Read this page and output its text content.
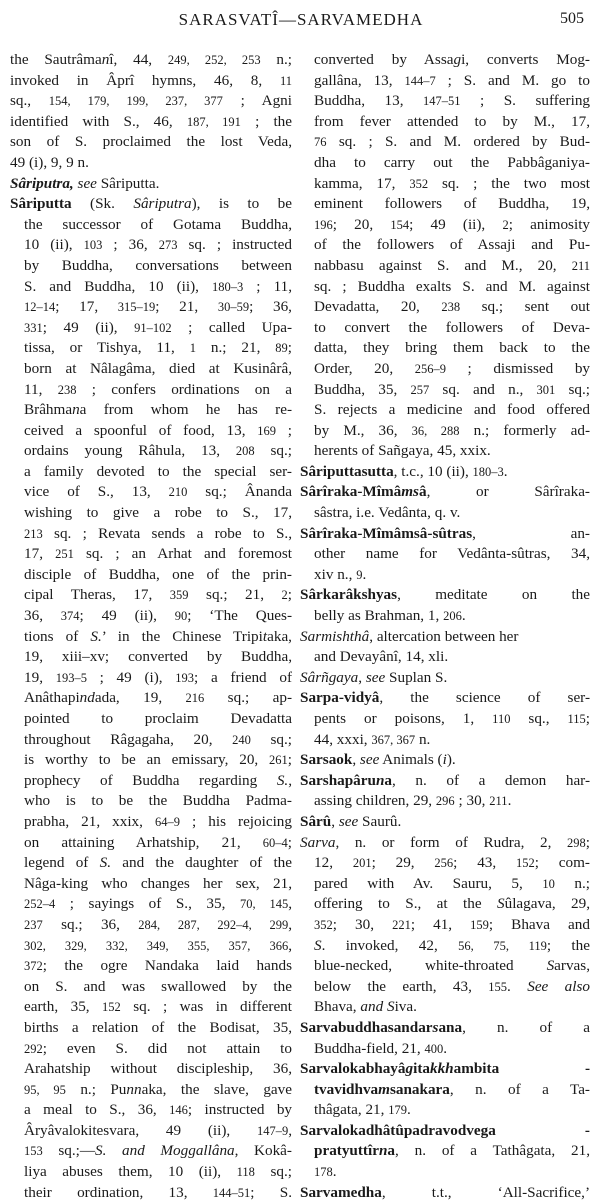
SARASVATÎ—SARVAMEDHA	505
the Sautrâmanî, 44, 249, 252, 253 n.;
invoked in Âprî hymns, 46, 8, 11
sq., 154, 179, 199, 237, 377 ; Agni
identified with S., 46, 187, 191 ; the
son of S. proclaimed the lost Veda,
49 (i), 9, 9 n.
Sâriputra, see Sâriputta.
Sâriputta (Sk. Sâriputra), is to be
the successor of Gotama Buddha,
10 (ii), 103 ; 36, 273 sq. ; instructed
by Buddha, conversations between
S. and Buddha, 10 (ii), 180–3 ; 11,
12–14; 17, 315–19; 21, 30–59; 36,
331; 49 (ii), 91–102 ; called Upa-
tissa, or Tishya, 11, 1 n.; 21, 89;
born at Nâlagâma, died at Kusinârâ,
11, 238 ; confers ordinations on a
Brâhmana from whom he has re-
ceived a spoonful of food, 13, 169 ;
ordains young Râhula, 13, 208 sq.;
a family devoted to the special ser-
vice of S., 13, 210 sq.; Ânanda
wishing to give a robe to S., 17,
213 sq. ; Revata sends a robe to S.,
17, 251 sq. ; an Arhat and foremost
disciple of Buddha, one of the prin-
cipal Theras, 17, 359 sq.; 21, 2;
36, 374; 49 (ii), 90; ‘The Ques-
tions of S.’ in the Chinese Tripitaka,
19, xiii–xv; converted by Buddha,
19, 193–5 ; 49 (i), 193; a friend of
Anâthapindada, 19, 216 sq.; ap-
pointed to proclaim Devadatta
throughout Râgagaha, 20, 240 sq.;
is worthy to be an emissary, 20, 261;
prophecy of Buddha regarding S.,
who is to be the Buddha Padma-
prabha, 21, xxix, 64–9 ; his rejoicing
on attaining Arhatship, 21, 60–4;
legend of S. and the daughter of the
Nâga-king who changes her sex, 21,
252–4 ; sayings of S., 35, 70, 145,
237 sq.; 36, 284, 287, 292–4, 299,
302, 329, 332, 349, 355, 357, 366,
372; the ogre Nandaka laid hands
on S. and was swallowed by the
earth, 35, 152 sq. ; was in different
births a relation of the Bodisat, 35,
292; even S. did not attain to
Arahatship without discipleship, 36,
95, 95 n.; Punnaka, the slave, gave
a meal to S., 36, 146; instructed by
Âryâvalokitesvara, 49 (ii), 147–9,
153 sq.;—S. and Moggallâna, Kokâ-
liya abuses them, 10 (ii), 118 sq.;
their ordination, 13, 144–51; S.
converted by Assagi, converts Mog-
gallâna, 13, 144–7 ; S. and M. go to
Buddha, 13, 147–51 ; S. suffering
from fever attended to by M., 17,
76 sq. ; S. and M. ordered by Bud-
dha to carry out the Pabbâganiya-
kamma, 17, 352 sq. ; the two most
eminent followers of Buddha, 19,
196; 20, 154; 49 (ii), 2; animosity
of the followers of Assaji and Pu-
nabbasu against S. and M., 20, 211
sq. ; Buddha exalts S. and M. against
Devadatta, 20, 238 sq.; sent out
to convert the followers of Deva-
datta, they bring them back to the
Order, 20, 256–9 ; dismissed by
Buddha, 35, 257 sq. and n., 301 sq.;
S. rejects a medicine and food offered
by M., 36, 36, 288 n.; formerly ad-
herents of Sañgaya, 45, xxix.
Sâriputtasutta, t.c., 10 (ii), 180–3.
Sârîraka-Mîmâmsâ, or Sârîraka-
sâstra, i.e. Vedânta, q. v.
Sârîraka-Mîmâmsâ-sûtras, an-
other name for Vedânta-sûtras, 34,
xiv n., 9.
Sârkarâkshyas, meditate on the
belly as Brahman, 1, 206.
Sarmishthâ, altercation between her
and Devayânî, 14, xli.
Sârñgaya, see Suplan S.
Sarpa-vidyâ, the science of ser-
pents or poisons, 1, 110 sq., 115;
44, xxxi, 367, 367 n.
Sarsaok, see Animals (i).
Sarshapâruna, n. of a demon har-
assing children, 29, 296 ; 30, 211.
Sârû, see Saurû.
Sarva, n. or form of Rudra, 2, 298;
12, 201; 29, 256; 43, 152; com-
pared with Av. Sauru, 5, 10 n.;
offering to S., at the Sûlagava, 29,
352; 30, 221; 41, 159; Bhava and
S. invoked, 42, 56, 75, 119; the
blue-necked, white-throated Sarvas,
below the earth, 43, 155. See also
Bhava, and Siva.
Sarvabuddhasandarsana, n. of a
Buddha-field, 21, 400.
Sarvalokabhayâgitakkhambita -
tvavidhvamsanakara, n. of a Ta-
thâgata, 21, 179.
Sarvalokadhâtûpadravodvega -
pratyuttîrna, n. of a Tathâgata, 21,
178.
Sarvamedha, t.t., ‘All-Sacrifice,’
